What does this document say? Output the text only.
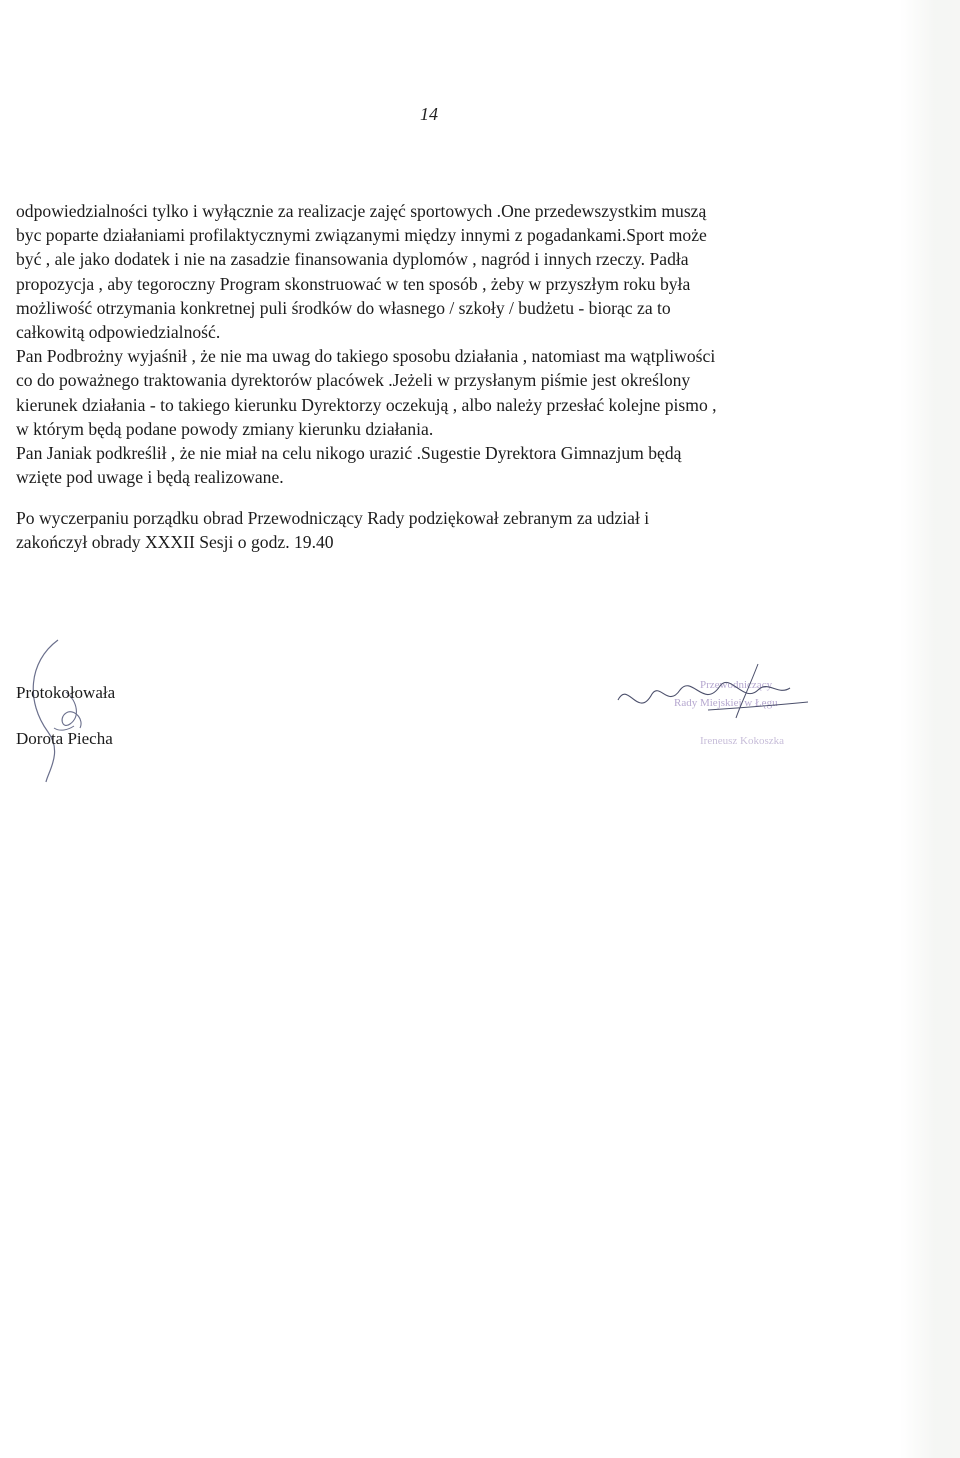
14

odpowiedzialności tylko i wyłącznie za realizacje zajęć sportowych .One przedewszystkim muszą

byc poparte działaniami profilaktycznymi związanymi między innymi z pogadankami.Sport może

być , ale jako dodatek i nie na zasadzie finansowania dyplomów , nagród i innych rzeczy. Padła

propozycja , aby tegoroczny Program skonstruować w ten sposób , żeby w przyszłym roku była

możliwość otrzymania konkretnej puli środków do własnego / szkoły / budżetu - biorąc za to

całkowitą odpowiedzialność.

Pan Podbrożny wyjaśnił , że nie ma uwag do takiego sposobu działania , natomiast ma wątpliwości

co do poważnego traktowania dyrektorów placówek .Jeżeli w przysłanym piśmie jest określony

kierunek działania - to takiego kierunku Dyrektorzy oczekują , albo należy przesłać kolejne pismo ,

w którym będą podane powody zmiany kierunku działania.

Pan Janiak podkreślił , że nie miał na celu nikogo urazić .Sugestie Dyrektora Gimnazjum będą

wzięte pod uwage i będą realizowane.

Po wyczerpaniu porządku obrad Przewodniczący Rady podziękował zebranym za udział i

zakończył obrady XXXII Sesji o godz. 19.40

Protokołowała

Dorota Piecha

Przewodniczący
Rady Miejskiej w Łęgu
Ireneusz Kokoszka
